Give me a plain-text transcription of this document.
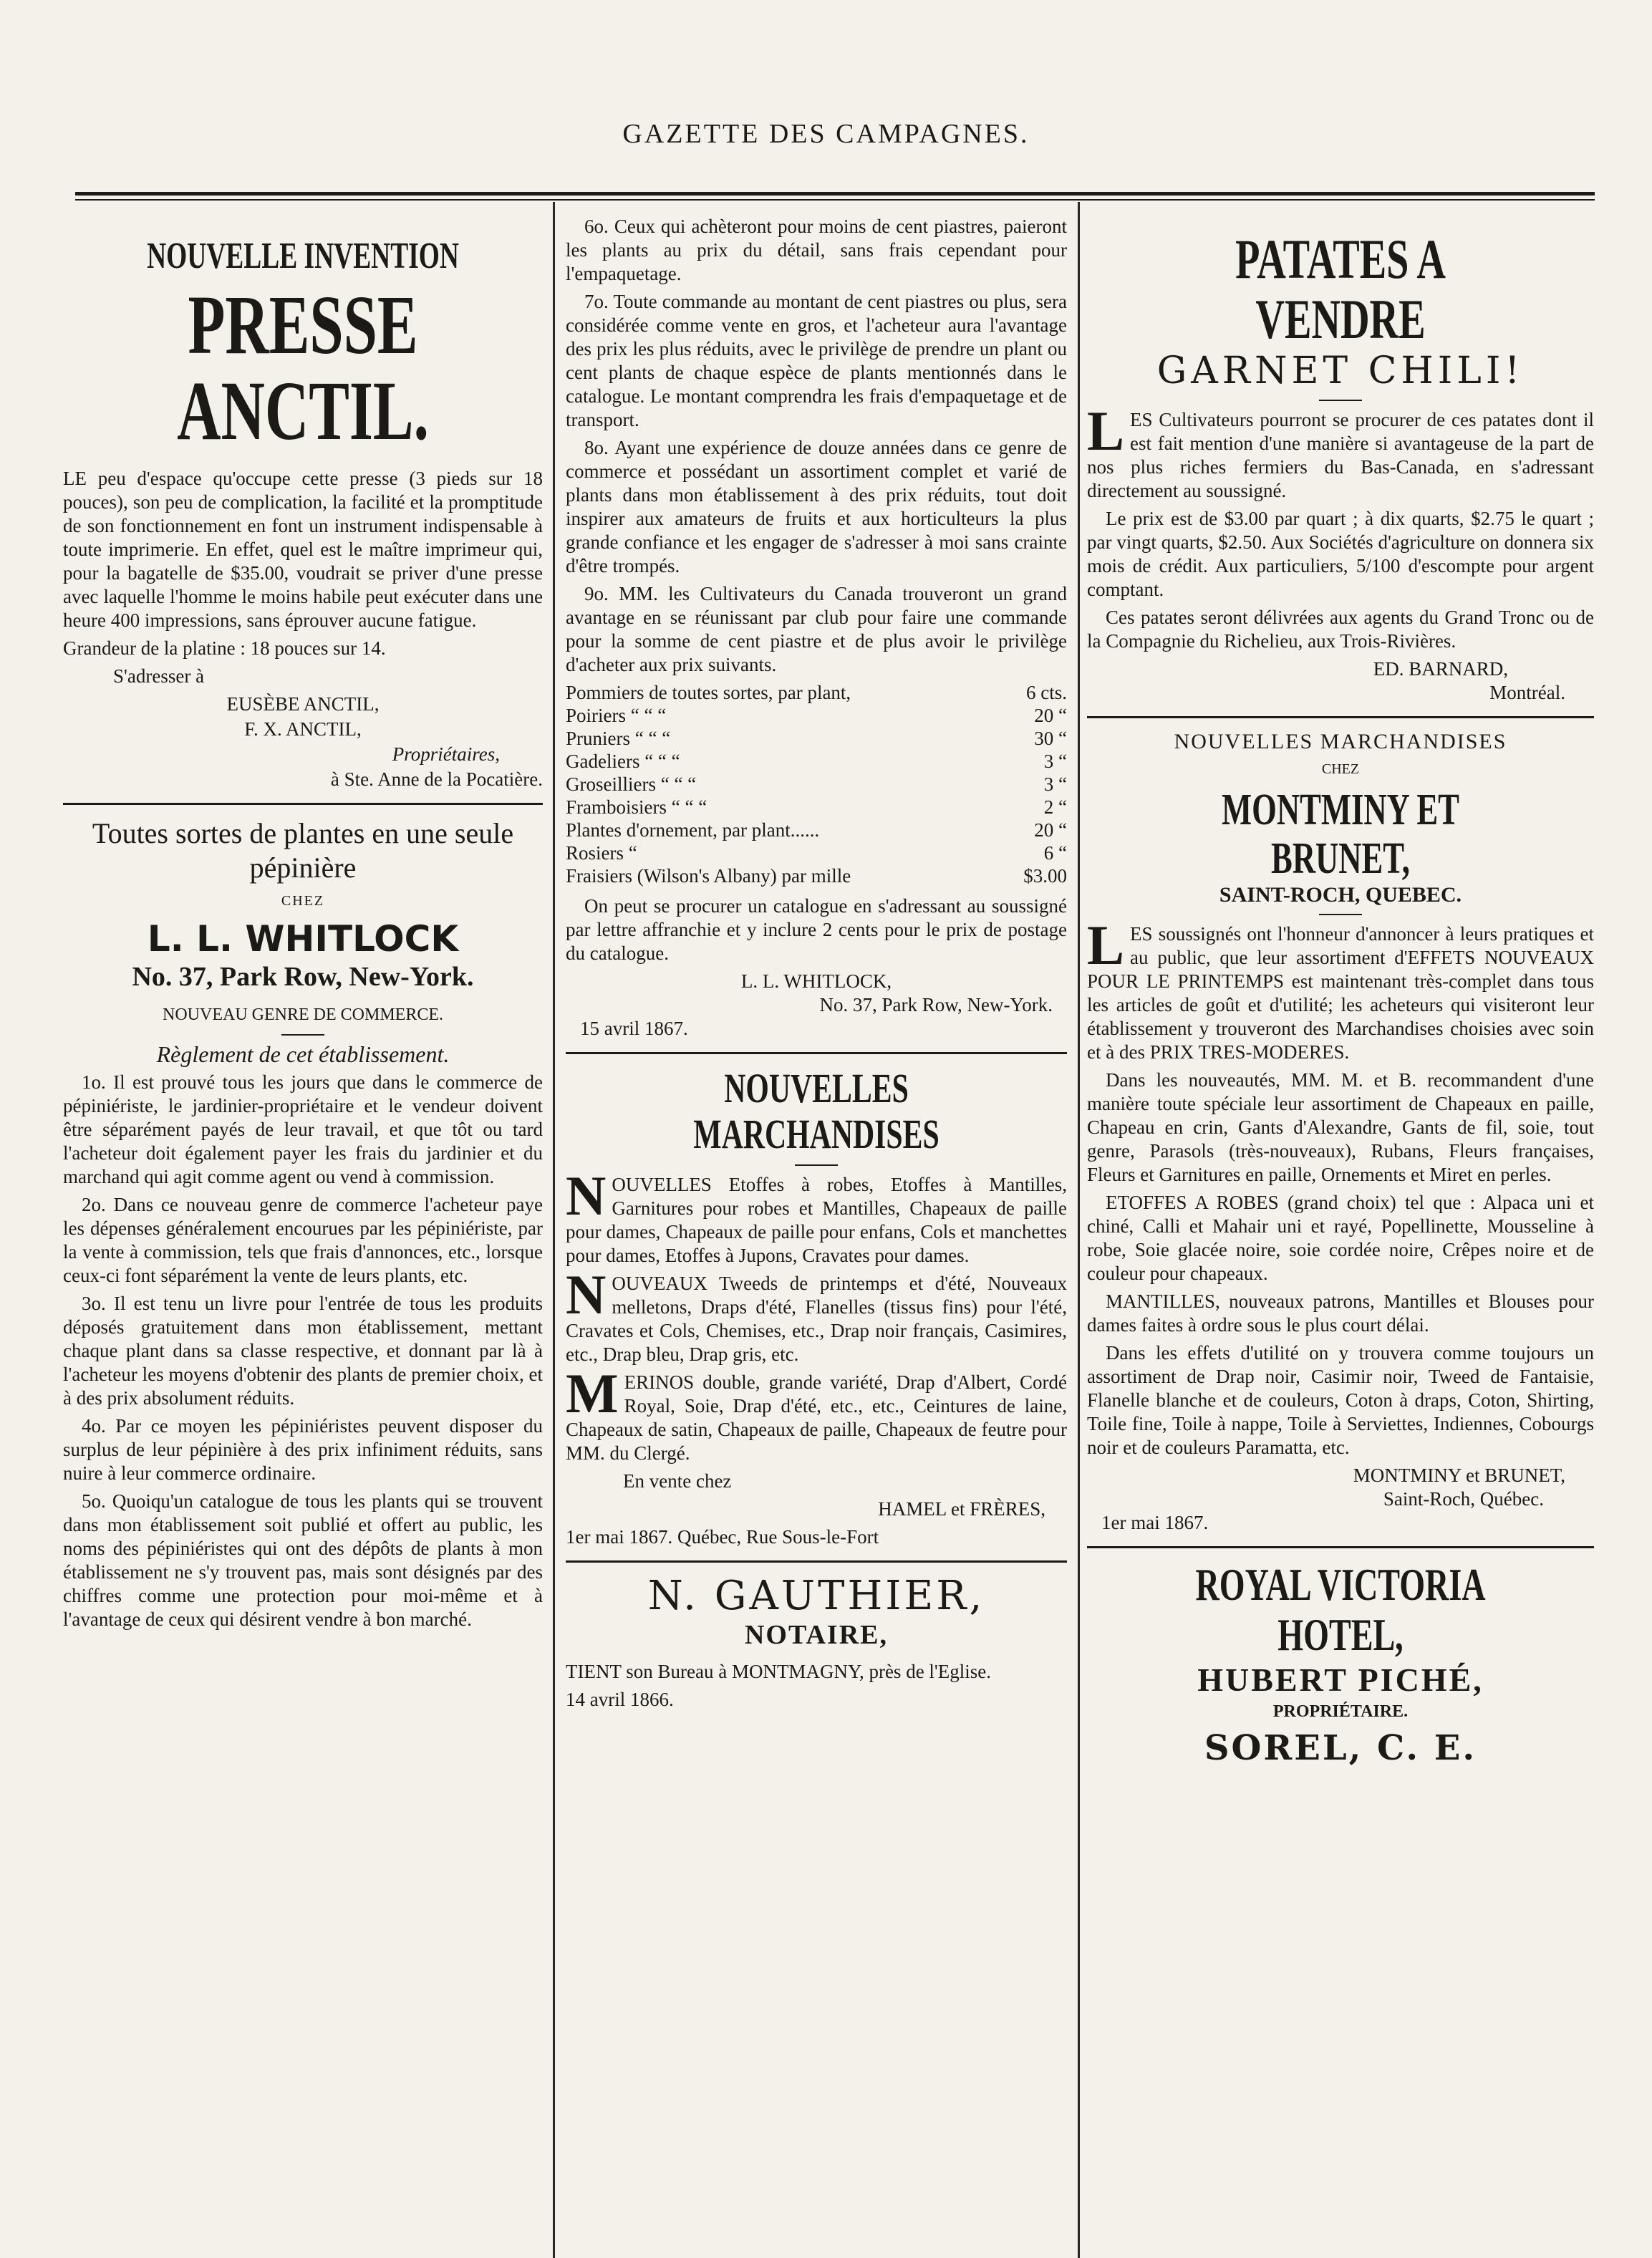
GAZETTE DES CAMPAGNES.
NOUVELLE INVENTION
PRESSE ANCTIL.

LE peu d'espace qu'occupe cette presse (3 pieds sur 18 pouces), son peu de complication, la facilité et la promptitude de son fonctionnement en font un instrument indispensable à toute imprimerie. En effet, quel est le maître imprimeur qui, pour la bagatelle de $35.00, voudrait se priver d'une presse avec laquelle l'homme le moins habile peut exécuter dans une heure 400 impressions, sans éprouver aucune fatigue.

Grandeur de la platine : 18 pouces sur 14.

S'adresser à

EUSÈBE ANCTIL,

F. X. ANCTIL,

Propriétaires,

à Ste. Anne de la Pocatière.

Toutes sortes de plantes en une seule pépinière

CHEZ

L. L. WHITLOCK

No. 37, Park Row, New-York.

NOUVEAU GENRE DE COMMERCE.

Règlement de cet établissement.

1o. Il est prouvé tous les jours que dans le commerce de pépiniériste, le jardinier-propriétaire et le vendeur doivent être séparément payés de leur travail, et que tôt ou tard l'acheteur doit également payer les frais du jardinier et du marchand qui agit comme agent ou vend à commission.

2o. Dans ce nouveau genre de commerce l'acheteur paye les dépenses généralement encourues par les pépiniériste, par la vente à commission, tels que frais d'annonces, etc., lorsque ceux-ci font séparément la vente de leurs plants, etc.

3o. Il est tenu un livre pour l'entrée de tous les produits déposés gratuitement dans mon établissement, mettant chaque plant dans sa classe respective, et donnant par là à l'acheteur les moyens d'obtenir des plants de premier choix, et à des prix absolument réduits.

4o. Par ce moyen les pépiniéristes peuvent disposer du surplus de leur pépinière à des prix infiniment réduits, sans nuire à leur commerce ordinaire.

5o. Quoiqu'un catalogue de tous les plants qui se trouvent dans mon établissement soit publié et offert au public, les noms des pépiniéristes qui ont des dépôts de plants à mon établissement ne s'y trouvent pas, mais sont désignés par des chiffres comme une protection pour moi-même et à l'avantage de ceux qui désirent vendre à bon marché.

6o. Ceux qui achèteront pour moins de cent piastres, paieront les plants au prix du détail, sans frais cependant pour l'empaquetage.

7o. Toute commande au montant de cent piastres ou plus, sera considérée comme vente en gros, et l'acheteur aura l'avantage des prix les plus réduits, avec le privilège de prendre un plant ou cent plants de chaque espèce de plants mentionnés dans le catalogue. Le montant comprendra les frais d'empaquetage et de transport.

8o. Ayant une expérience de douze années dans ce genre de commerce et possédant un assortiment complet et varié de plants dans mon établissement à des prix réduits, tout doit inspirer aux amateurs de fruits et aux horticulteurs la plus grande confiance et les engager de s'adresser à moi sans crainte d'être trompés.

9o. MM. les Cultivateurs du Canada trouveront un grand avantage en se réunissant par club pour faire une commande pour la somme de cent piastre et de plus avoir le privilège d'acheter aux prix suivants.

Pommiers de toutes sortes, par plant,	6 cts.
Poiriers “ “ “	20 “
Pruniers “ “ “	30 “
Gadeliers “ “ “	3 “
Groseilliers “ “ “	3 “
Framboisiers “ “ “	2 “
Plantes d'ornement, par plant......	20 “
Rosiers “	6 “
Fraisiers (Wilson's Albany) par mille	$3.00

On peut se procurer un catalogue en s'adressant au soussigné par lettre affranchie et y inclure 2 cents pour le prix de postage du catalogue.

L. L. WHITLOCK,

No. 37, Park Row, New-York.

15 avril 1867.

NOUVELLES MARCHANDISES

NOUVELLES Etoffes à robes, Etoffes à Mantilles, Garnitures pour robes et Mantilles, Chapeaux de paille pour dames, Chapeaux de paille pour enfans, Cols et manchettes pour dames, Etoffes à Jupons, Cravates pour dames.

NOUVEAUX Tweeds de printemps et d'été, Nouveaux melletons, Draps d'été, Flanelles (tissus fins) pour l'été, Cravates et Cols, Chemises, etc., Drap noir français, Casimires, etc., Drap bleu, Drap gris, etc.

MERINOS double, grande variété, Drap d'Albert, Cordé Royal, Soie, Drap d'été, etc., etc., Ceintures de laine, Chapeaux de satin, Chapeaux de paille, Chapeaux de feutre pour MM. du Clergé.

En vente chez

HAMEL et FRÈRES,

1er mai 1867. Québec, Rue Sous-le-Fort

N. GAUTHIER,
NOTAIRE,

TIENT son Bureau à MONTMAGNY, près de l'Eglise.

14 avril 1866.

PATATES A VENDRE
GARNET CHILI!

LES Cultivateurs pourront se procurer de ces patates dont il est fait mention d'une manière si avantageuse de la part de nos plus riches fermiers du Bas-Canada, en s'adressant directement au soussigné.

Le prix est de $3.00 par quart ; à dix quarts, $2.75 le quart ; par vingt quarts, $2.50. Aux Sociétés d'agriculture on donnera six mois de crédit. Aux particuliers, 5/100 d'escompte pour argent comptant.

Ces patates seront délivrées aux agents du Grand Tronc ou de la Compagnie du Richelieu, aux Trois-Rivières.

ED. BARNARD,

Montréal.

NOUVELLES MARCHANDISES

CHEZ

MONTMINY ET BRUNET,

SAINT-ROCH, QUEBEC.

LES soussignés ont l'honneur d'annoncer à leurs pratiques et au public, que leur assortiment d'EFFETS NOUVEAUX POUR LE PRINTEMPS est maintenant très-complet dans tous les articles de goût et d'utilité; les acheteurs qui visiteront leur établissement y trouveront des Marchandises choisies avec soin et à des PRIX TRES-MODERES.

Dans les nouveautés, MM. M. et B. recommandent d'une manière toute spéciale leur assortiment de Chapeaux en paille, Chapeau en crin, Gants d'Alexandre, Gants de fil, soie, tout genre, Parasols (très-nouveaux), Rubans, Fleurs françaises, Fleurs et Garnitures en paille, Ornements et Miret en perles.

ETOFFES A ROBES (grand choix) tel que : Alpaca uni et chiné, Calli et Mahair uni et rayé, Popellinette, Mousseline à robe, Soie glacée noire, soie cordée noire, Crêpes noire et de couleur pour chapeaux.

MANTILLES, nouveaux patrons, Mantilles et Blouses pour dames faites à ordre sous le plus court délai.

Dans les effets d'utilité on y trouvera comme toujours un assortiment de Drap noir, Casimir noir, Tweed de Fantaisie, Flanelle blanche et de couleurs, Coton à draps, Coton, Shirting, Toile fine, Toile à nappe, Toile à Serviettes, Indiennes, Cobourgs noir et de couleurs Paramatta, etc.

MONTMINY et BRUNET,

Saint-Roch, Québec.

1er mai 1867.

ROYAL VICTORIA HOTEL,
HUBERT PICHÉ,

PROPRIÉTAIRE.

SOREL, C. E.
